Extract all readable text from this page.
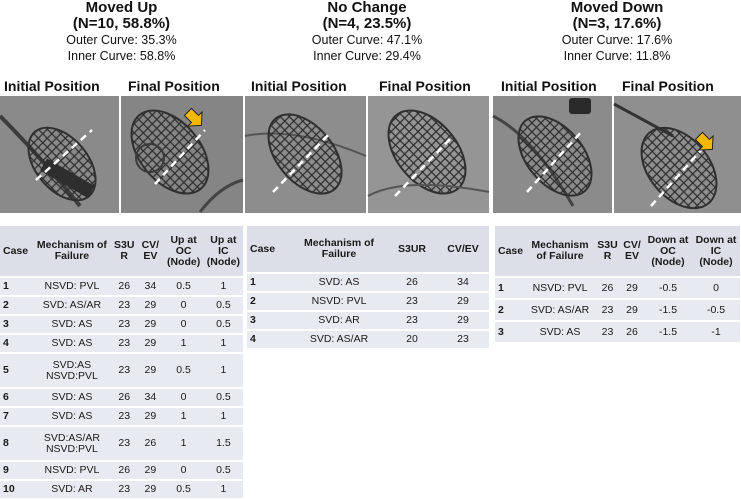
Moved Up
(N=10, 58.8%)
Outer Curve: 35.3%
Inner Curve: 58.8%
Initial Position	Final Position
Case	Mechanism of Failure	S3U R	CV/ EV	Up at OC (Node)	Up at IC (Node)
1	NSVD: PVL	26	34	0.5	1
2	SVD: AS/AR	23	29	0	0.5
3	SVD: AS	23	29	0	0.5
4	SVD: AS	23	29	1	1
5	SVD:AS NSVD:PVL	23	29	0.5	1
6	SVD: AS	26	34	0	0.5
7	SVD: AS	23	29	1	1
8	SVD:AS/AR NSVD:PVL	23	26	1	1.5
9	NSVD: PVL	26	29	0	0.5
10	SVD: AR	23	29	0.5	1
No Change
(N=4, 23.5%)
Outer Curve: 47.1%
Inner Curve: 29.4%
Initial Position	Final Position
Case	Mechanism of Failure	S3UR	CV/EV
1	SVD: AS	26	34
2	NSVD: PVL	23	29
3	SVD: AR	23	29
4	SVD: AS/AR	20	23
Moved Down
(N=3, 17.6%)
Outer Curve: 17.6%
Inner Curve: 11.8%
Initial Position	Final Position
Case	Mechanism of Failure	S3U R	CV/ EV	Down at OC (Node)	Down at IC (Node)
1	NSVD: PVL	26	29	-0.5	0
2	SVD: AS/AR	23	29	-1.5	-0.5
3	SVD: AS	23	26	-1.5	-1
